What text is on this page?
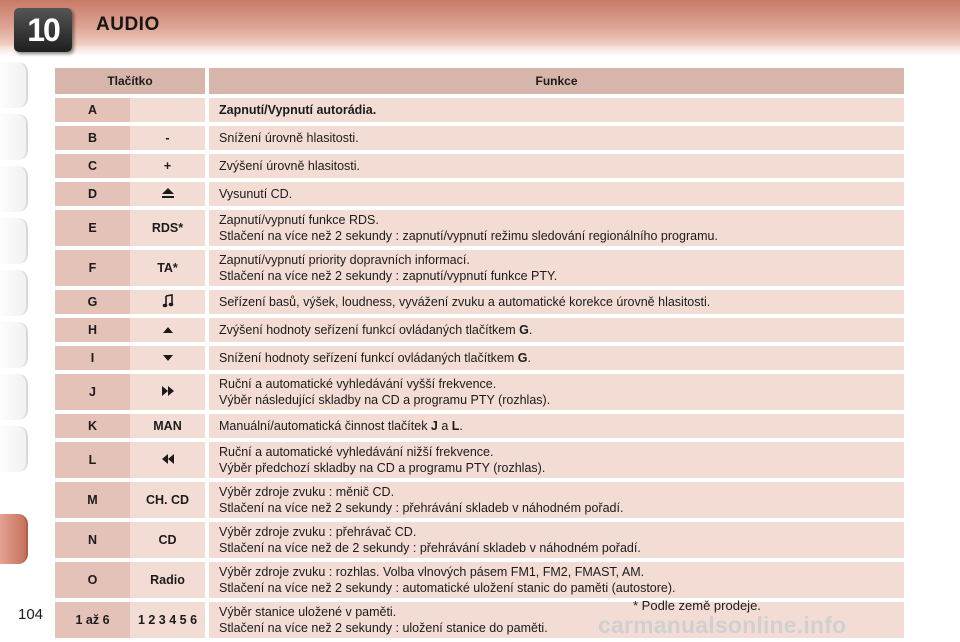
10	AUDIO
Tlačítko		Funkce
A		Zapnutí/Vypnutí autorádia.

B	-	Snížení úrovně hlasitosti.

C	+	Zvýšení úrovně hlasitosti.

D		Vysunutí CD.

E	RDS*	Zapnutí/vypnutí funkce RDS.
Stlačení na více než 2 sekundy : zapnutí/vypnutí režimu sledování regionálního programu.

F	TA*	Zapnutí/vypnutí priority dopravních informací.
Stlačení na více než 2 sekundy : zapnutí/vypnutí funkce PTY.

G		Seřízení basů, výšek, loudness, vyvážení zvuku a automatické korekce úrovně hlasitosti.

H		Zvýšení hodnoty seřízení funkcí ovládaných tlačítkem G.

I		Snížení hodnoty seřízení funkcí ovládaných tlačítkem G.

J		Ruční a automatické vyhledávání vyšší frekvence.
Výběr následující skladby na CD a programu PTY (rozhlas).

K	MAN	Manuální/automatická činnost tlačítek J a L.

L		Ruční a automatické vyhledávání nižší frekvence.
Výběr předchozí skladby na CD a programu PTY (rozhlas).

M	CH. CD	Výběr zdroje zvuku : měnič CD.
Stlačení na více než 2 sekundy : přehrávání skladeb v náhodném pořadí.

N	CD	Výběr zdroje zvuku : přehrávač CD.
Stlačení na více než de 2 sekundy : přehrávání skladeb v náhodném pořadí.

O	Radio	Výběr zdroje zvuku : rozhlas. Volba vlnových pásem FM1, FM2, FMAST, AM.
Stlačení na více než 2 sekundy : automatické uložení stanic do paměti (autostore).

1 až 6	1 2 3 4 5 6	Výběr stanice uložené v paměti.
Stlačení na více než 2 sekundy : uložení stanice do paměti.
104
* Podle země prodeje.
carmanualsonline.info
